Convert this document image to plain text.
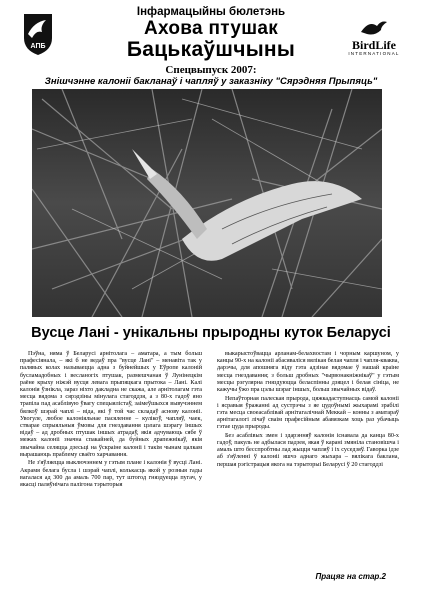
АПБ	BirdLife
INTERNATIONAL
Інфармацыйны бюлетэнь
Ахова птушак
Бацькаўшчыны
Спецвыпуск 2007:
Знішчэнне калоніі бакланаў і чапляў у заказніку "Сярэдняя Прыпяць"
Вусце Лані - унікальны прыродны куток Беларусі

Пэўна, няма ў Беларусі арнітолага – аматара, а тым больш прафесіянала, – які б не ведаў пра "вусце Лані" – менавіта так у палявых колах называецца адна з буйнейшых у Еўропе калоній бусламадобных і весланогіх птушак, размешчаная ў Лунінецкім раёне крыху ніжэй вусця левага прыпяцкага прытока – Лані. Калі калонія ўзнікла, зараз ніхто дакладна не скажа, але арнітолагам гэта месца вядома з сярэдзіны мінулага стагоддзя, а з 80-х гадоў яно трапіла пад асаблівую ўвагу спецыялістаў, заімеўшыхся вывучэннем бялкоў шэрай чаплі – віда, які ў той час складаў аснову калоніі. Увогуле, любое калоніяльнае пасяленне – кулікоў, чапляў, чаек, стварае спрыяльныя ўмовы для гнездавання цэлага шэрагу іншых відаў – ад дробных птушак іншых атрадаў, якія адчуваюць сябе ў межах калоніі значна спакайней, да буйных драпежнікаў, якія звычайна селяцца дзесьці на ўскраіне калоніі і такім чынам цалкам вырашаюць праблему сваёго харчавання.

Не з'яўляецца выключэннем у гэтым плане і калонія ў вусці Лані. Акрамя белага бусла і шэрай чаплі, колькасць якой у розныя гады вагалася ад 300 да амаль 700 пар, тут штогод гняздуецца пугач, у якасці паляўнічага палігона тэрыторыя

выкарыстоўвацца арланам-белахвостам і чорным каршуном, у канцы 90-х на калоніі абасяваліся вялікая белая чапля і чапля-кваква, дарэчы, для апошняга віду гэта адзінае вядомае ў нашай краіне месца гнездавання; з больш дробных "чырвонакніжнікаў" у гэтым месцы рэгулярна гняздуюцца беласпінны дзяцел і белая сініца, не кажучы ўжо пра цэлы шэраг іншых, больш звычайных відаў.

Непаўторная палеская прырода, цяжкадаступнасць самой калоніі і ясравыя ўражанні ад сустрэчы з яе цудоўнымі жыхарамі зрабілі гэта месца своеасаблівай арнітагалічнай Меккай – конны з аматараў арнітагалогі лічаў сваім прафесійным абавязкам хоць раз убачыць гэтае цуда прыроды.

Без асаблівых змен і здарэнняў калонія існавала да канца 80-х гадоў, пакуль не адбылася падзея, якая ў карані змяніла становішча і амаль што бесспробтны лад жыцця чапляў і іх суседзяў. Гаворка ідзе аб з'яўленні ў калоніі яшчэ аднаго жыхара – вялікага баклана, першая рэгістрацыя якога на тэрыторыі Беларусі ў 20 стагоддзі

Працяг на стар.2
